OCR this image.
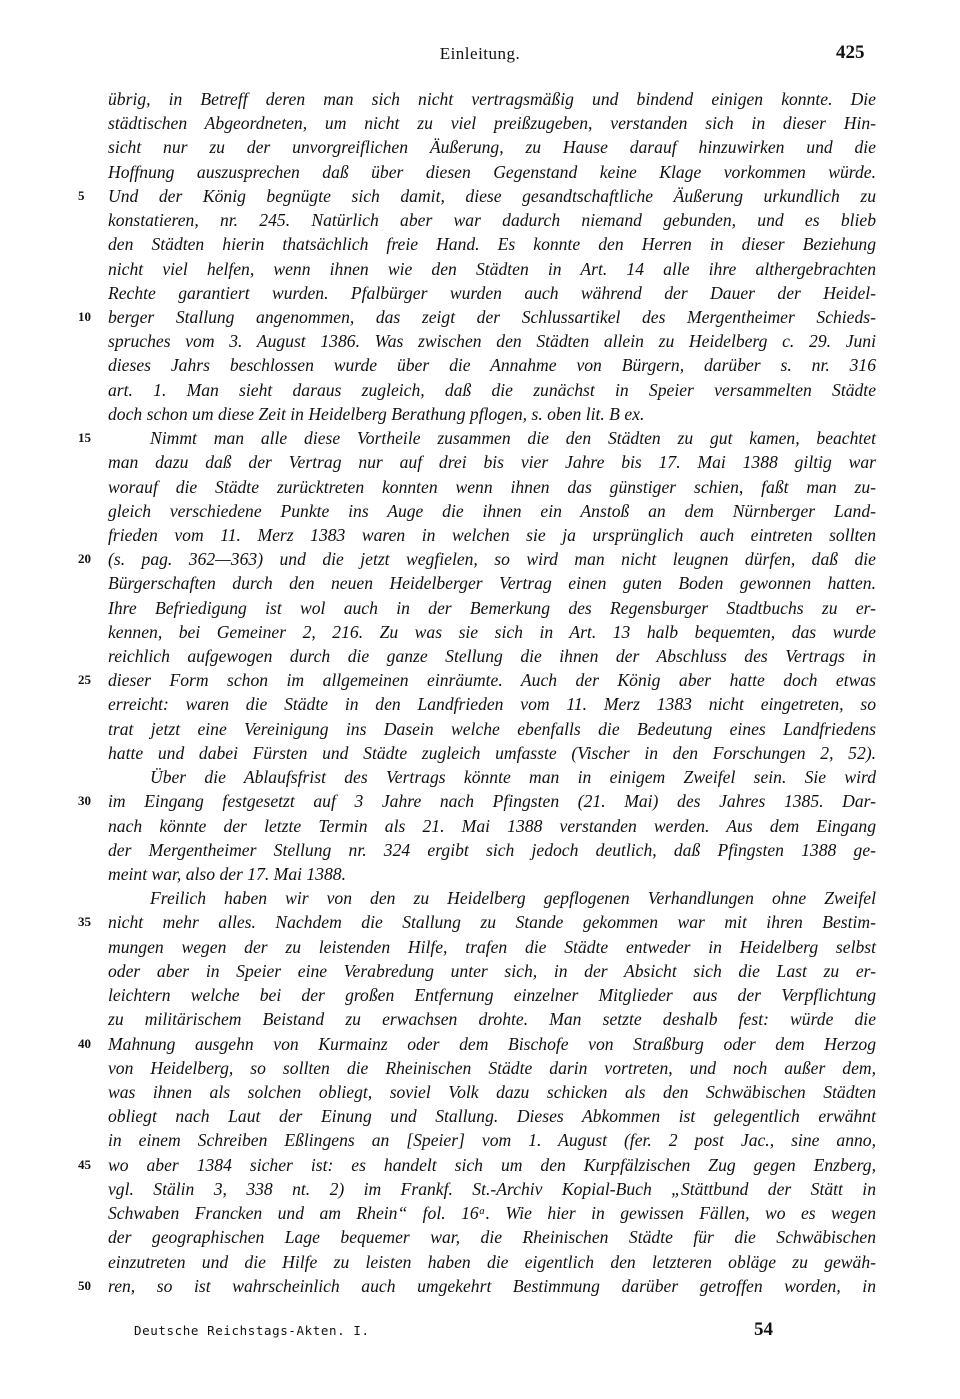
Einleitung.	425
übrig, in Betreff deren man sich nicht vertragsmäßig und bindend einigen konnte. Die
städtischen Abgeordneten, um nicht zu viel preißzugeben, verstanden sich in dieser Hin-
sicht nur zu der unvorgreiflichen Äußerung, zu Hause darauf hinzuwirken und die
Hoffnung auszusprechen daß über diesen Gegenstand keine Klage vorkommen würde.
5	Und der König begnügte sich damit, diese gesandtschaftliche Äußerung urkundlich zu
konstatieren, nr. 245. Natürlich aber war dadurch niemand gebunden, und es blieb
den Städten hierin thatsächlich freie Hand. Es konnte den Herren in dieser Beziehung
nicht viel helfen, wenn ihnen wie den Städten in Art. 14 alle ihre althergebrachten
Rechte garantiert wurden. Pfalbürger wurden auch während der Dauer der Heidel-
10 berger Stallung angenommen, das zeigt der Schlussartikel des Mergentheimer Schieds-
spruches vom 3. August 1386. Was zwischen den Städten allein zu Heidelberg c. 29. Juni
dieses Jahrs beschlossen wurde über die Annahme von Bürgern, darüber s. nr. 316
art. 1. Man sieht daraus zugleich, daß die zunächst in Speier versammelten Städte
doch schon um diese Zeit in Heidelberg Berathung pflogen, s. oben lit. B ex.
15	Nimmt man alle diese Vortheile zusammen die den Städten zu gut kamen, beachtet
man dazu daß der Vertrag nur auf drei bis vier Jahre bis 17. Mai 1388 giltig war
worauf die Städte zurücktreten konnten wenn ihnen das günstiger schien, faßt man zu-
gleich verschiedene Punkte ins Auge die ihnen ein Anstoß an dem Nürnberger Land-
frieden vom 11. Merz 1383 waren in welchen sie ja ursprünglich auch eintreten sollten
20 (s. pag. 362—363) und die jetzt wegfielen, so wird man nicht leugnen dürfen, daß die
Bürgerschaften durch den neuen Heidelberger Vertrag einen guten Boden gewonnen hatten.
Ihre Befriedigung ist wol auch in der Bemerkung des Regensburger Stadtbuchs zu er-
kennen, bei Gemeiner 2, 216. Zu was sie sich in Art. 13 halb bequemten, das wurde
reichlich aufgewogen durch die ganze Stellung die ihnen der Abschluss des Vertrags in
25 dieser Form schon im allgemeinen einräumte. Auch der König aber hatte doch etwas
erreicht: waren die Städte in den Landfrieden vom 11. Merz 1383 nicht eingetreten, so
trat jetzt eine Vereinigung ins Dasein welche ebenfalls die Bedeutung eines Landfriedens
hatte und dabei Fürsten und Städte zugleich umfasste (Vischer in den Forschungen 2, 52).
Über die Ablaufsfrist des Vertrags könnte man in einigem Zweifel sein. Sie wird
30 im Eingang festgesetzt auf 3 Jahre nach Pfingsten (21. Mai) des Jahres 1385. Dar-
nach könnte der letzte Termin als 21. Mai 1388 verstanden werden. Aus dem Eingang
der Mergentheimer Stellung nr. 324 ergibt sich jedoch deutlich, daß Pfingsten 1388 ge-
meint war, also der 17. Mai 1388.
Freilich haben wir von den zu Heidelberg gepflogenen Verhandlungen ohne Zweifel
35 nicht mehr alles. Nachdem die Stallung zu Stande gekommen war mit ihren Bestim-
mungen wegen der zu leistenden Hilfe, trafen die Städte entweder in Heidelberg selbst
oder aber in Speier eine Verabredung unter sich, in der Absicht sich die Last zu er-
leichtern welche bei der großen Entfernung einzelner Mitglieder aus der Verpflichtung
zu militärischem Beistand zu erwachsen drohte. Man setzte deshalb fest: würde die
40 Mahnung ausgehn von Kurmainz oder dem Bischofe von Straßburg oder dem Herzog
von Heidelberg, so sollten die Rheinischen Städte darin vortreten, und noch außer dem,
was ihnen als solchen obliegt, soviel Volk dazu schicken als den Schwäbischen Städten
obliegt nach Laut der Einung und Stallung. Dieses Abkommen ist gelegentlich erwähnt
in einem Schreiben Eßlingens an [Speier] vom 1. August (fer. 2 post Jac., sine anno,
45 wo aber 1384 sicher ist: es handelt sich um den Kurpfälzischen Zug gegen Enzberg,
vgl. Stälin 3, 338 nt. 2) im Frankf. St.-Archiv Kopial-Buch „Stättbund der Stätt in
Schwaben Francken und am Rhein“ fol. 16ᵃ. Wie hier in gewissen Fällen, wo es wegen
der geographischen Lage bequemer war, die Rheinischen Städte für die Schwäbischen
einzutreten und die Hilfe zu leisten haben die eigentlich den letzteren obläge zu gewäh-
50 ren, so ist wahrscheinlich auch umgekehrt Bestimmung darüber getroffen worden, in
Deutsche Reichstags-Akten. I.	54
